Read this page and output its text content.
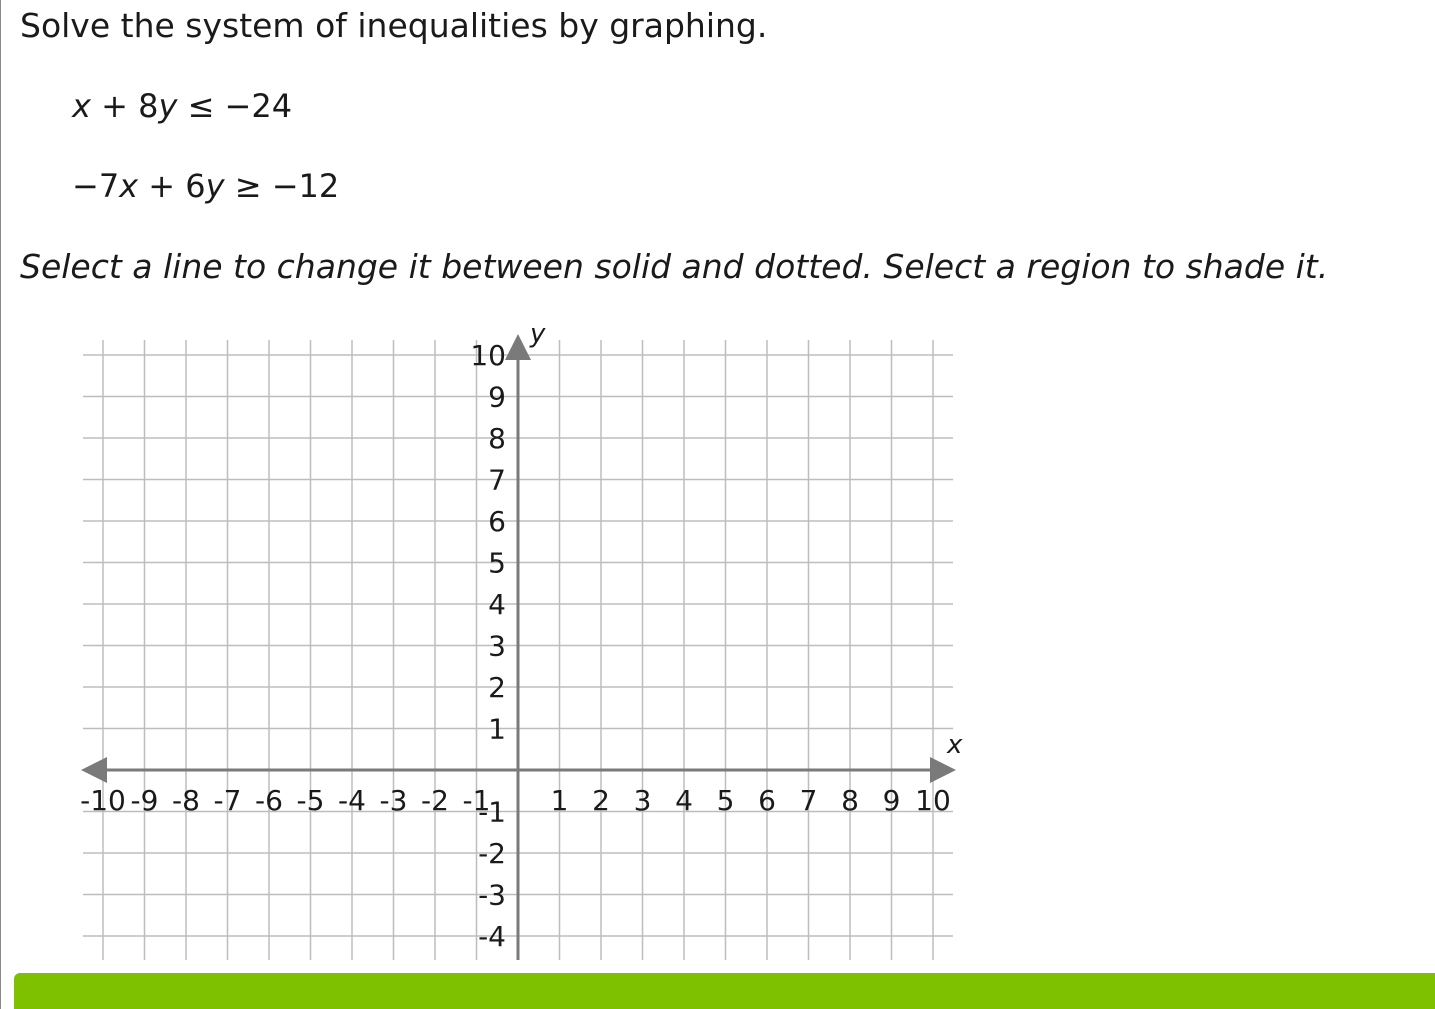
Solve the system of inequalities by graphing.
x + 8y ≤ −24
−7x + 6y ≥ −12

Select a line to change it between solid and dotted. Select a region to shade it.

-10 -9 -8 -7 -6 -5 -4 -3 -2 -1 1 2 3 4 5 6 7 8 9 10
10
9
8
7
6
5
4
3
2
1
-1
-2
-3
-4
x
y
